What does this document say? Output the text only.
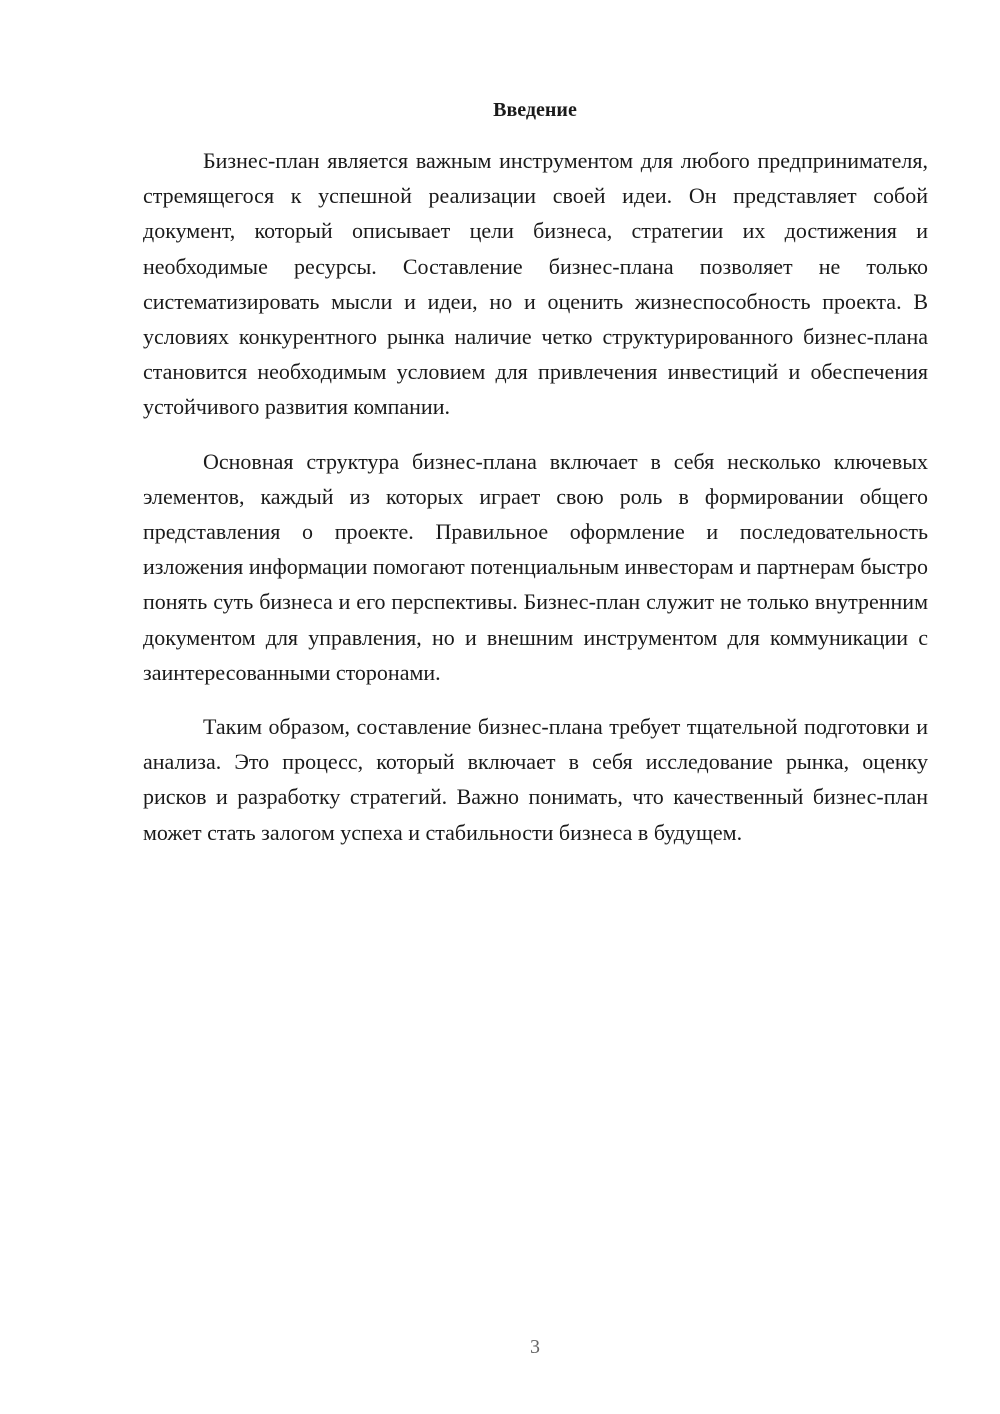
Введение

Бизнес-план является важным инструментом для любого предпринимателя, стремящегося к успешной реализации своей идеи. Он представляет собой документ, который описывает цели бизнеса, стратегии их достижения и необходимые ресурсы. Составление бизнес-плана позволяет не только систематизировать мысли и идеи, но и оценить жизнеспособность проекта. В условиях конкурентного рынка наличие четко структурированного бизнес-плана становится необходимым условием для привлечения инвестиций и обеспечения устойчивого развития компании.

Основная структура бизнес-плана включает в себя несколько ключевых элементов, каждый из которых играет свою роль в формировании общего представления о проекте. Правильное оформление и последовательность изложения информации помогают потенциальным инвесторам и партнерам быстро понять суть бизнеса и его перспективы. Бизнес-план служит не только внутренним документом для управления, но и внешним инструментом для коммуникации с заинтересованными сторонами.

Таким образом, составление бизнес-плана требует тщательной подготовки и анализа. Это процесс, который включает в себя исследование рынка, оценку рисков и разработку стратегий. Важно понимать, что качественный бизнес-план может стать залогом успеха и стабильности бизнеса в будущем.

3
